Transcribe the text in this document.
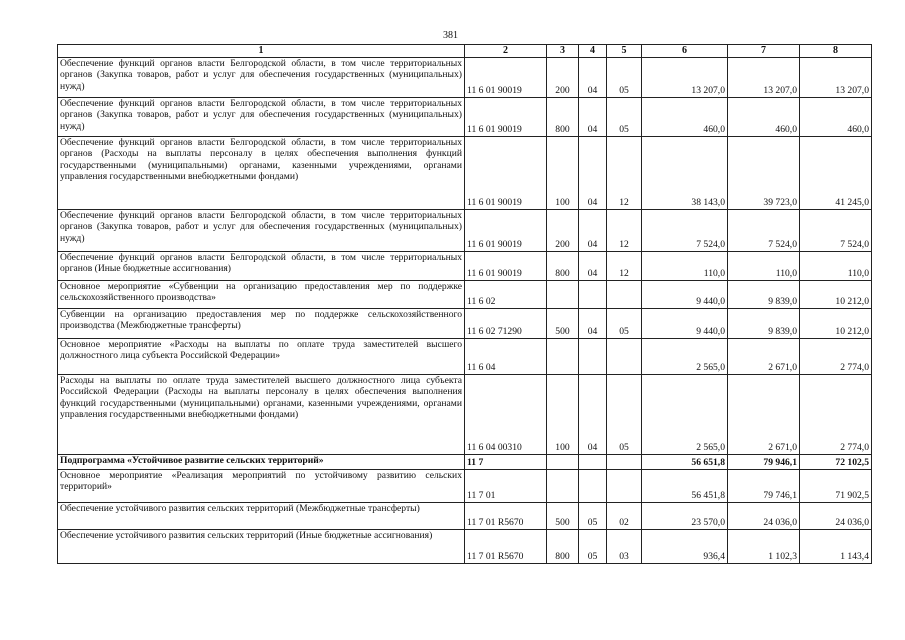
381
1	2	3	4	5	6	7	8
Обеспечение функций органов власти Белгородской области, в том числе территориальных органов (Закупка товаров, работ и услуг для обеспечения государственных (муниципальных) нужд)	11 6 01 90019	200	04	05	13 207,0	13 207,0	13 207,0
Обеспечение функций органов власти Белгородской области, в том числе территориальных органов (Закупка товаров, работ и услуг для обеспечения государственных (муниципальных) нужд)	11 6 01 90019	800	04	05	460,0	460,0	460,0
Обеспечение функций органов власти Белгородской области, в том числе территориальных органов (Расходы на выплаты персоналу в целях обеспечения выполнения функций государственными (муниципальными) органами, казенными учреждениями, органами управления государственными внебюджетными фондами)	11 6 01 90019	100	04	12	38 143,0	39 723,0	41 245,0
Обеспечение функций органов власти Белгородской области, в том числе территориальных органов (Закупка товаров, работ и услуг для обеспечения государственных (муниципальных) нужд)	11 6 01 90019	200	04	12	7 524,0	7 524,0	7 524,0
Обеспечение функций органов власти Белгородской области, в том числе территориальных органов (Иные бюджетные ассигнования)	11 6 01 90019	800	04	12	110,0	110,0	110,0
Основное мероприятие «Субвенции на организацию предоставления мер по поддержке сельскохозяйственного производства»	11 6 02				9 440,0	9 839,0	10 212,0
Субвенции на организацию предоставления мер по поддержке сельскохозяйственного производства (Межбюджетные трансферты)	11 6 02 71290	500	04	05	9 440,0	9 839,0	10 212,0
Основное мероприятие «Расходы на выплаты по оплате труда заместителей высшего должностного лица субъекта Российской Федерации»	11 6 04				2 565,0	2 671,0	2 774,0
Расходы на выплаты по оплате труда заместителей высшего должностного лица субъекта Российской Федерации (Расходы на выплаты персоналу в целях обеспечения выполнения функций государственными (муниципальными) органами, казенными учреждениями, органами управления государственными внебюджетными фондами)	11 6 04 00310	100	04	05	2 565,0	2 671,0	2 774,0
Подпрограмма «Устойчивое развитие сельских территорий»	11 7				56 651,8	79 946,1	72 102,5
Основное мероприятие «Реализация мероприятий по устойчивому развитию сельских территорий»	11 7 01				56 451,8	79 746,1	71 902,5
Обеспечение устойчивого развития сельских территорий (Межбюджетные трансферты)	11 7 01 R5670	500	05	02	23 570,0	24 036,0	24 036,0
Обеспечение устойчивого развития сельских территорий (Иные бюджетные ассигнования)	11 7 01 R5670	800	05	03	936,4	1 102,3	1 143,4
